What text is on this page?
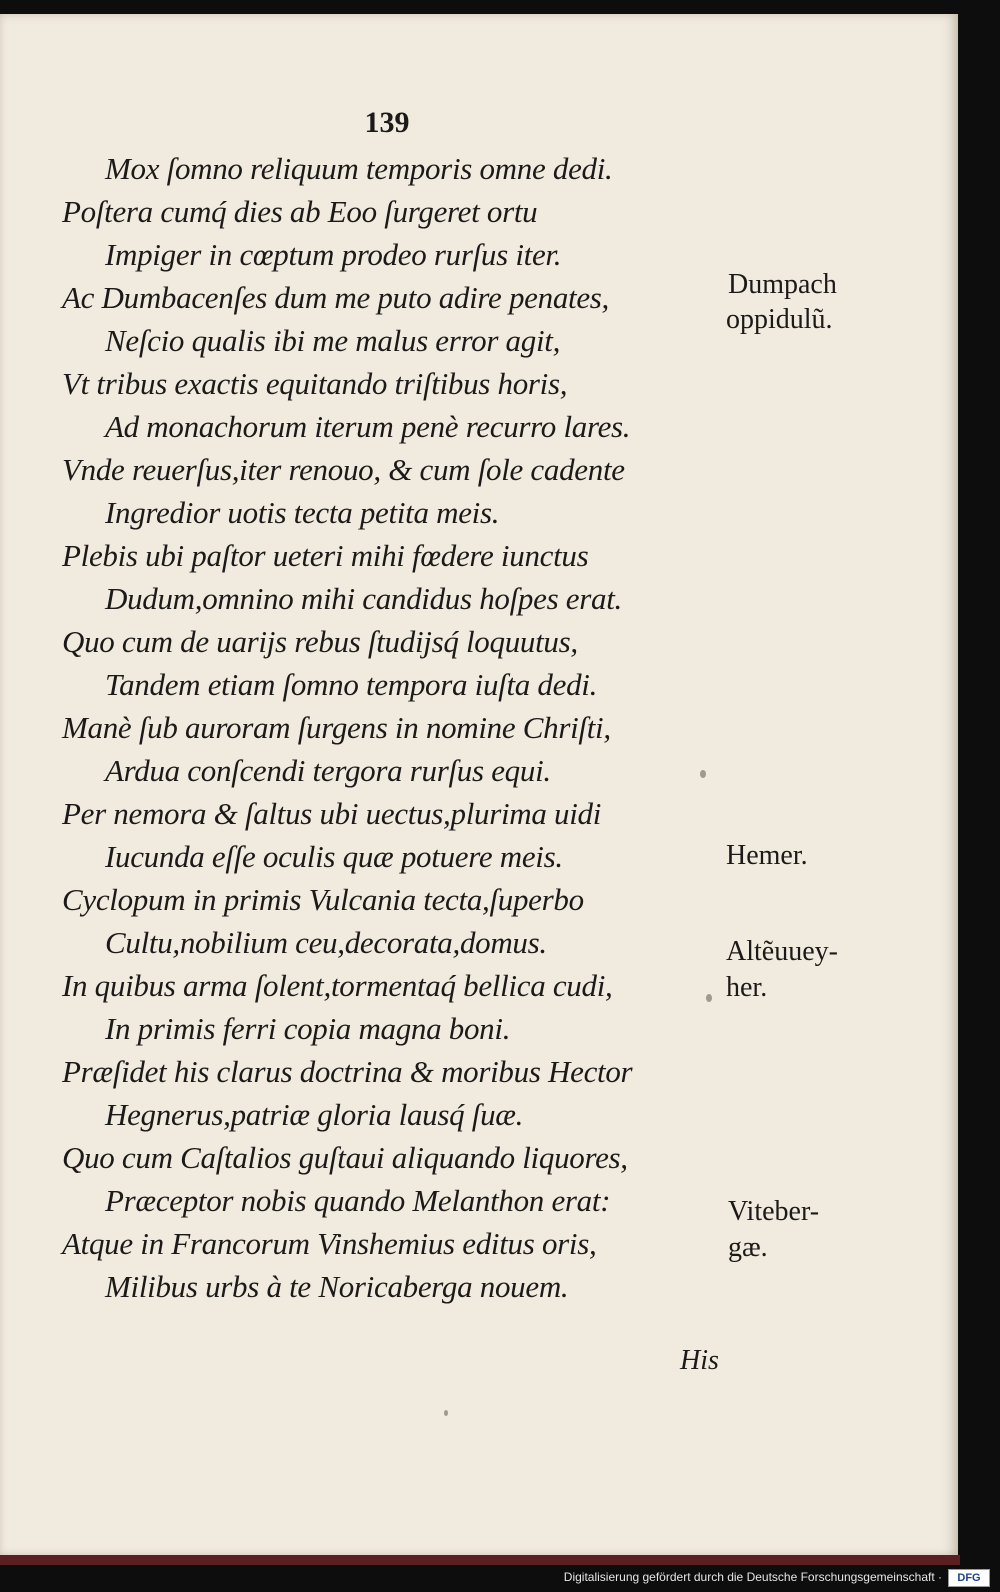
139
Mox ſomno reliquum temporis omne dedi.
Poſtera cumq́ dies ab Eoo ſurgeret ortu
Impiger in cœptum prodeo rurſus iter.
Ac Dumbacenſes dum me puto adire penates,
Neſcio qualis ibi me malus error agit,
Vt tribus exactis equitando triſtibus horis,
Ad monachorum iterum penè recurro lares.
Vnde reuerſus,iter renouo, & cum ſole cadente
Ingredior uotis tecta petita meis.
Plebis ubi paſtor ueteri mihi fœdere iunctus
Dudum,omnino mihi candidus hoſpes erat.
Quo cum de uarijs rebus ſtudijsq́ loquutus,
Tandem etiam ſomno tempora iuſta dedi.
Manè ſub auroram ſurgens in nomine Chriſti,
Ardua conſcendi tergora rurſus equi.
Per nemora & ſaltus ubi uectus,plurima uidi
Iucunda eſſe oculis quæ potuere meis.
Cyclopum in primis Vulcania tecta,ſuperbo
Cultu,nobilium ceu,decorata,domus.
In quibus arma ſolent,tormentaq́ bellica cudi,
In primis ferri copia magna boni.
Præſidet his clarus doctrina & moribus Hector
Hegnerus,patriæ gloria lausq́ ſuæ.
Quo cum Caſtalios guſtaui aliquando liquores,
Præceptor nobis quando Melanthon erat:
Atque in Francorum Vinshemius editus oris,
Milibus urbs à te Noricaberga nouem.
Dumpach
oppidulũ.
Hemer.
Altẽuuey-
her.
Viteber-
gæ.
His
Digitalisierung gefördert durch die Deutsche Forschungsgemeinschaft ·	DFG
